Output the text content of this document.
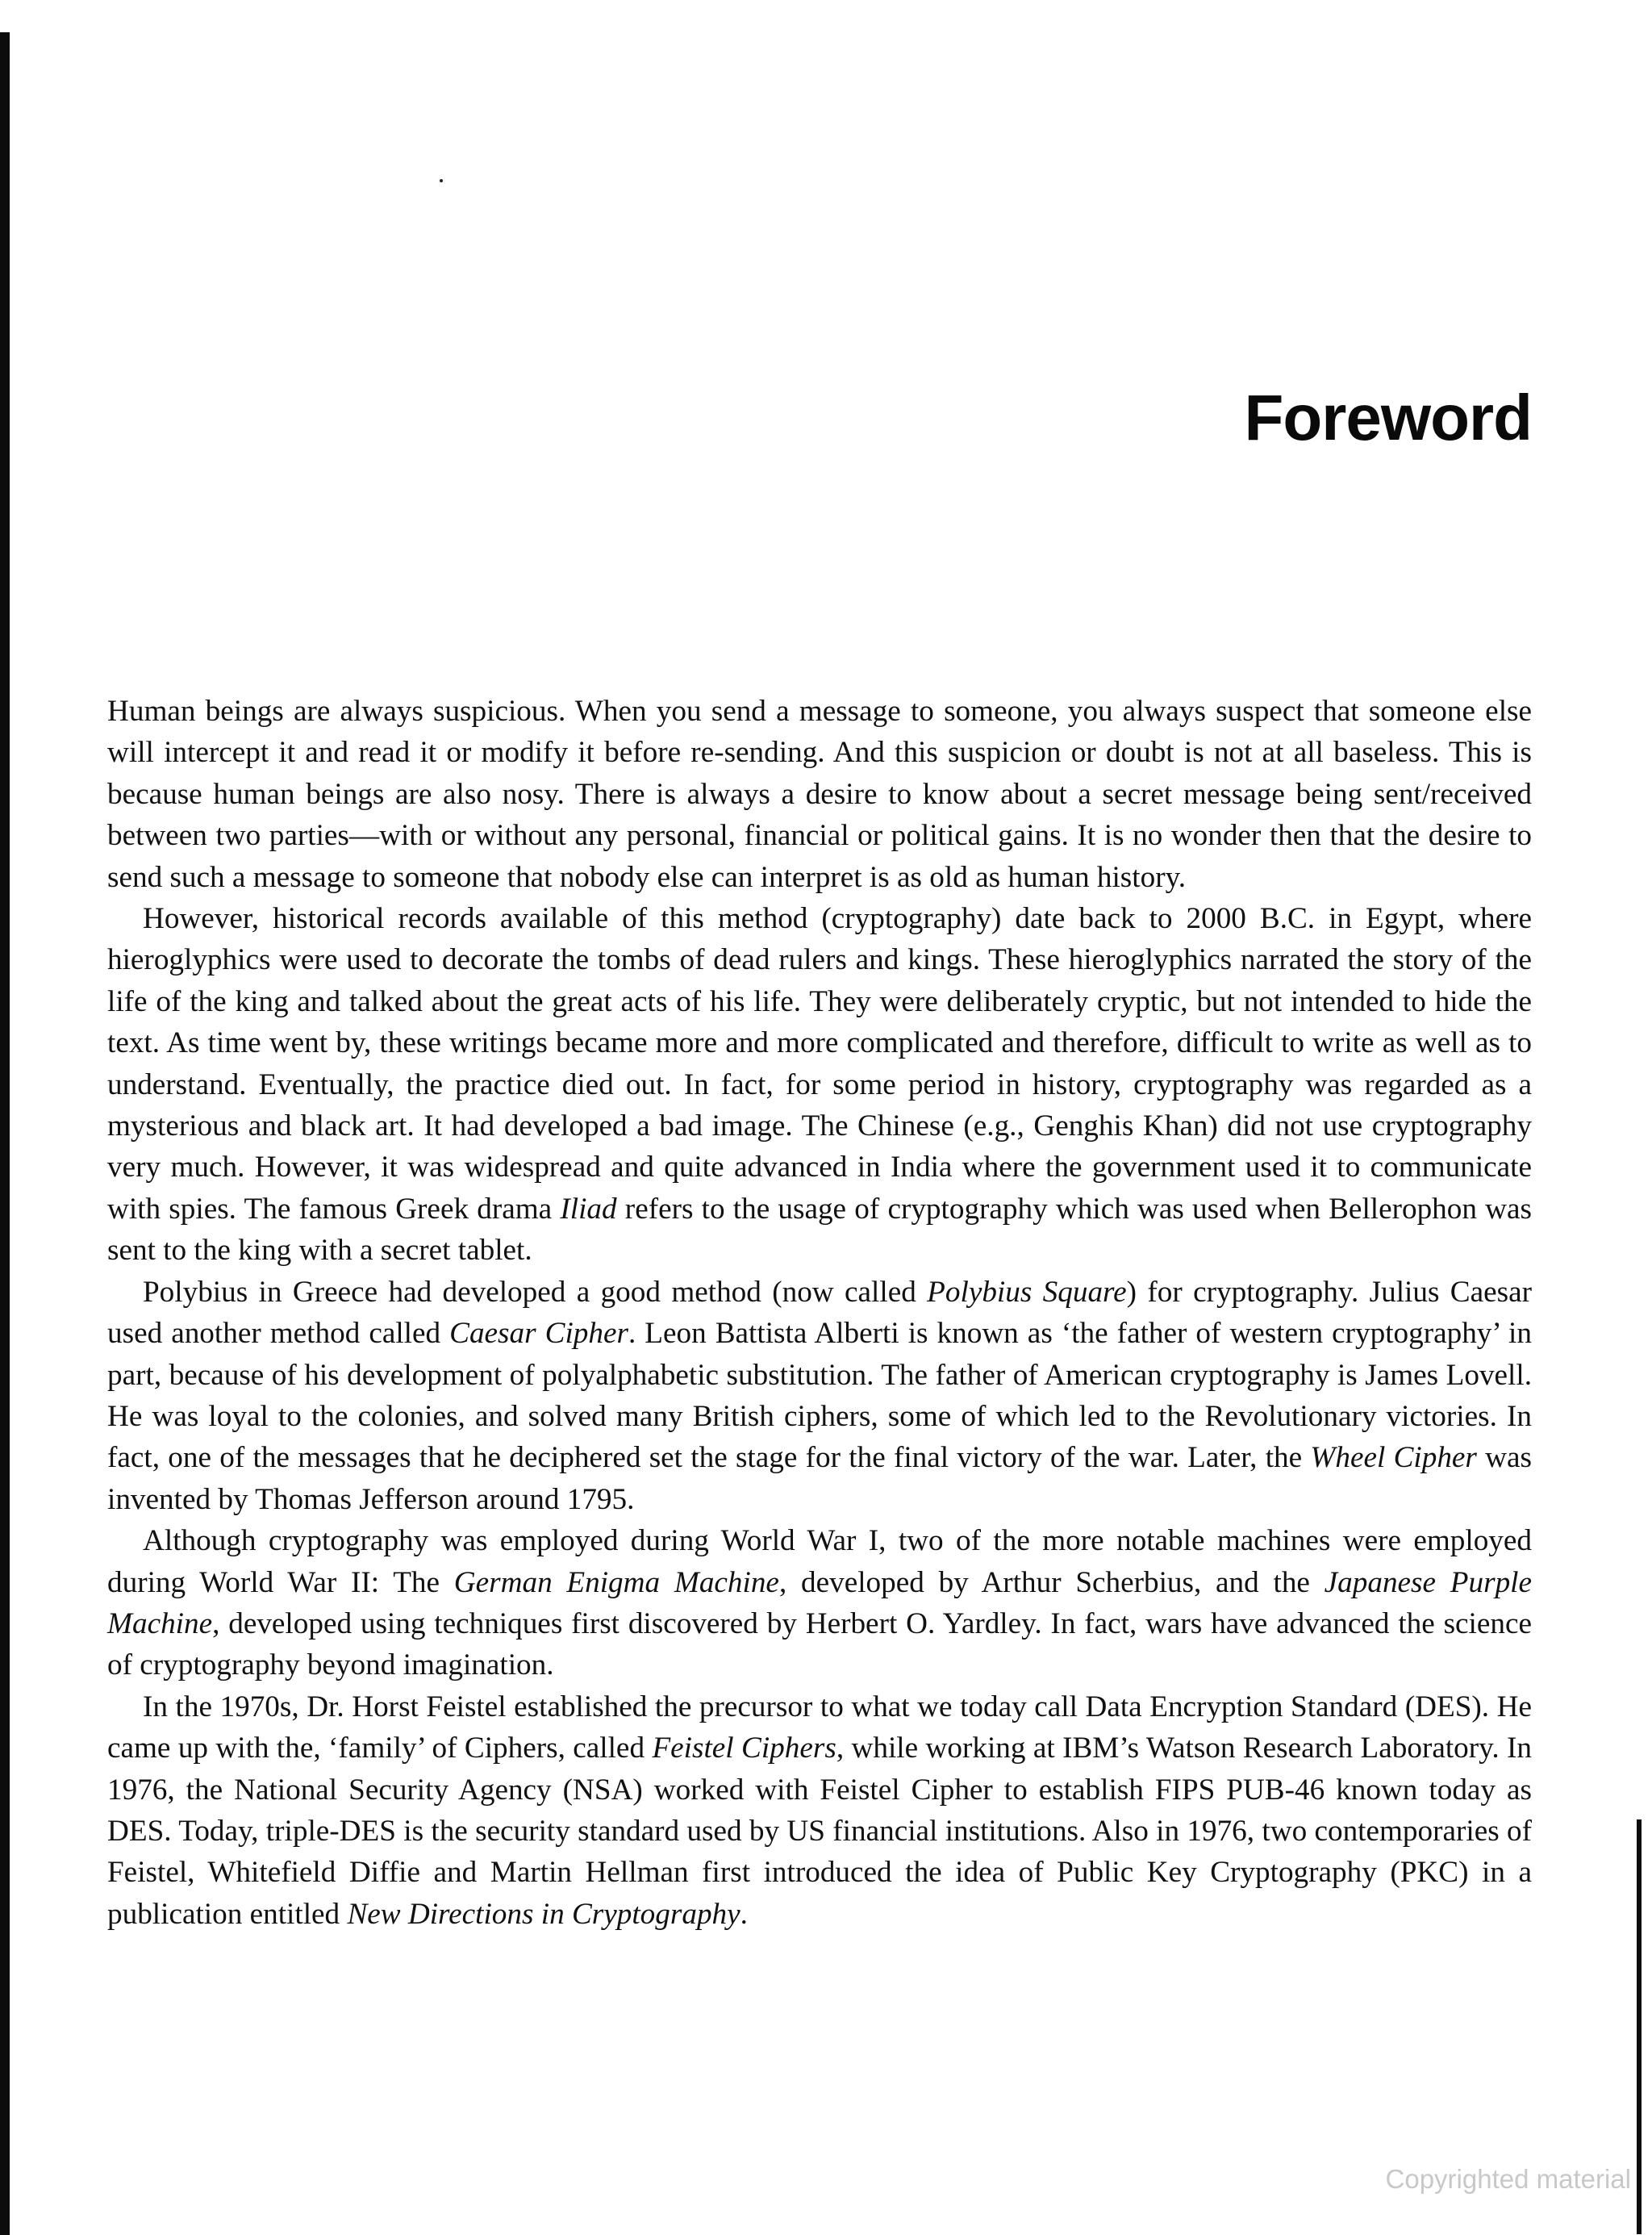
Foreword

Human beings are always suspicious. When you send a message to someone, you always suspect that someone else will intercept it and read it or modify it before re-sending. And this suspicion or doubt is not at all baseless. This is because human beings are also nosy. There is always a desire to know about a secret message being sent/received between two parties—with or without any personal, financial or political gains. It is no wonder then that the desire to send such a message to someone that nobody else can interpret is as old as human history.

However, historical records available of this method (cryptography) date back to 2000 B.C. in Egypt, where hieroglyphics were used to decorate the tombs of dead rulers and kings. These hieroglyphics narrated the story of the life of the king and talked about the great acts of his life. They were deliberately cryptic, but not intended to hide the text. As time went by, these writings became more and more complicated and therefore, difficult to write as well as to understand. Eventually, the practice died out. In fact, for some period in history, cryptography was regarded as a mysterious and black art. It had developed a bad image. The Chinese (e.g., Genghis Khan) did not use cryptography very much. However, it was widespread and quite advanced in India where the government used it to communicate with spies. The famous Greek drama Iliad refers to the usage of cryptography which was used when Bellerophon was sent to the king with a secret tablet.

Polybius in Greece had developed a good method (now called Polybius Square) for cryptography. Julius Caesar used another method called Caesar Cipher. Leon Battista Alberti is known as ‘the father of western cryptography’ in part, because of his development of polyalphabetic substitution. The father of American cryptography is James Lovell. He was loyal to the colonies, and solved many British ciphers, some of which led to the Revolutionary victories. In fact, one of the messages that he deciphered set the stage for the final victory of the war. Later, the Wheel Cipher was invented by Thomas Jefferson around 1795.

Although cryptography was employed during World War I, two of the more notable machines were employed during World War II: The German Enigma Machine, developed by Arthur Scherbius, and the Japanese Purple Machine, developed using techniques first discovered by Herbert O. Yardley. In fact, wars have advanced the science of cryptography beyond imagination.

In the 1970s, Dr. Horst Feistel established the precursor to what we today call Data Encryption Standard (DES). He came up with the, ‘family’ of Ciphers, called Feistel Ciphers, while working at IBM’s Watson Research Laboratory. In 1976, the National Security Agency (NSA) worked with Feistel Cipher to establish FIPS PUB-46 known today as DES. Today, triple-DES is the security standard used by US financial institutions. Also in 1976, two contemporaries of Feistel, Whitefield Diffie and Martin Hellman first introduced the idea of Public Key Cryptography (PKC) in a publication entitled New Directions in Cryptography.

Copyrighted material
